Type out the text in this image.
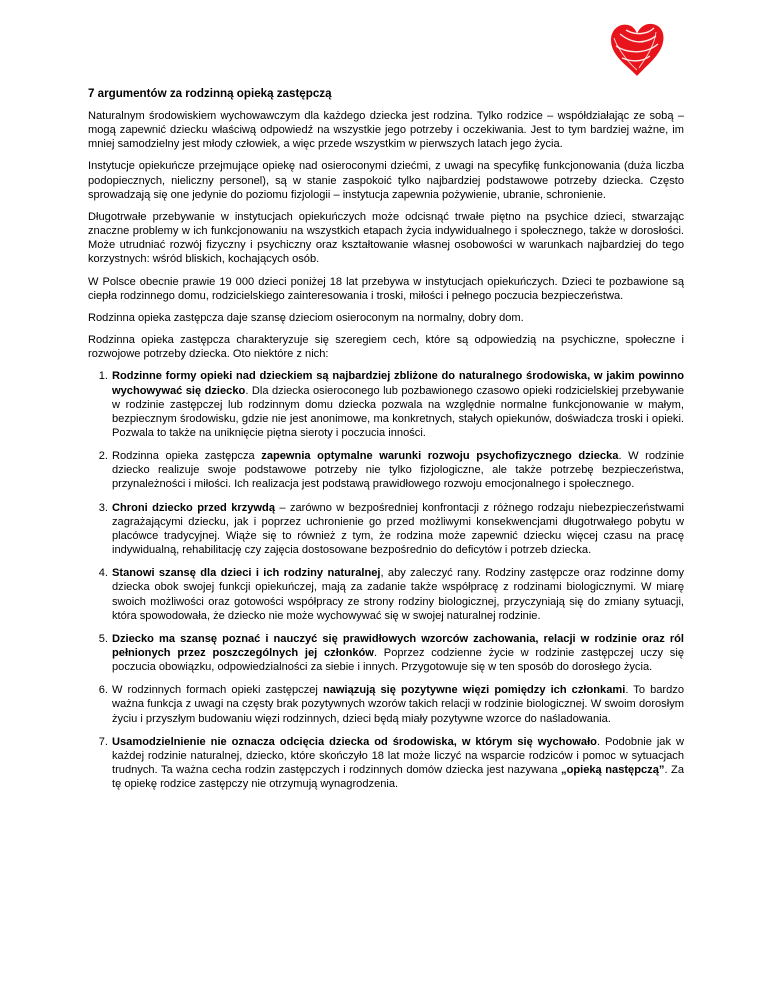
7 argumentów za rodzinną opieką zastępczą

Naturalnym środowiskiem wychowawczym dla każdego dziecka jest rodzina. Tylko rodzice – współdziałając ze sobą – mogą zapewnić dziecku właściwą odpowiedź na wszystkie jego potrzeby i oczekiwania. Jest to tym bardziej ważne, im mniej samodzielny jest młody człowiek, a więc przede wszystkim w pierwszych latach jego życia.

Instytucje opiekuńcze przejmujące opiekę nad osieroconymi dziećmi, z uwagi na specyfikę funkcjonowania (duża liczba podopiecznych, nieliczny personel), są w stanie zaspokoić tylko najbardziej podstawowe potrzeby dziecka. Często sprowadzają się one jedynie do poziomu fizjologii – instytucja zapewnia pożywienie, ubranie, schronienie.

Długotrwałe przebywanie w instytucjach opiekuńczych może odcisnąć trwałe piętno na psychice dzieci, stwarzając znaczne problemy w ich funkcjonowaniu na wszystkich etapach życia indywidualnego i społecznego, także w dorosłości. Może utrudniać rozwój fizyczny i psychiczny oraz kształtowanie własnej osobowości w warunkach najbardziej do tego korzystnych: wśród bliskich, kochających osób.

W Polsce obecnie prawie 19 000 dzieci poniżej 18 lat przebywa w instytucjach opiekuńczych. Dzieci te pozbawione są ciepła rodzinnego domu, rodzicielskiego zainteresowania i troski, miłości i pełnego poczucia bezpieczeństwa.

Rodzinna opieka zastępcza daje szansę dzieciom osieroconym na normalny, dobry dom.

Rodzinna opieka zastępcza charakteryzuje się szeregiem cech, które są odpowiedzią na psychiczne, społeczne i rozwojowe potrzeby dziecka. Oto niektóre z nich:

1. Rodzinne formy opieki nad dzieckiem są najbardziej zbliżone do naturalnego środowiska, w jakim powinno wychowywać się dziecko. Dla dziecka osieroconego lub pozbawionego czasowo opieki rodzicielskiej przebywanie w rodzinie zastępczej lub rodzinnym domu dziecka pozwala na względnie normalne funkcjonowanie w małym, bezpiecznym środowisku, gdzie nie jest anonimowe, ma konkretnych, stałych opiekunów, doświadcza troski i opieki. Pozwala to także na uniknięcie piętna sieroty i poczucia inności.
2. Rodzinna opieka zastępcza zapewnia optymalne warunki rozwoju psychofizycznego dziecka. W rodzinie dziecko realizuje swoje podstawowe potrzeby nie tylko fizjologiczne, ale także potrzebę bezpieczeństwa, przynależności i miłości. Ich realizacja jest podstawą prawidłowego rozwoju emocjonalnego i społecznego.
3. Chroni dziecko przed krzywdą – zarówno w bezpośredniej konfrontacji z różnego rodzaju niebezpieczeństwami zagrażającymi dziecku, jak i poprzez uchronienie go przed możliwymi konsekwencjami długotrwałego pobytu w placówce tradycyjnej. Wiąże się to również z tym, że rodzina może zapewnić dziecku więcej czasu na pracę indywidualną, rehabilitację czy zajęcia dostosowane bezpośrednio do deficytów i potrzeb dziecka.
4. Stanowi szansę dla dzieci i ich rodziny naturalnej, aby zaleczyć rany. Rodziny zastępcze oraz rodzinne domy dziecka obok swojej funkcji opiekuńczej, mają za zadanie także współpracę z rodzinami biologicznymi. W miarę swoich możliwości oraz gotowości współpracy ze strony rodziny biologicznej, przyczyniają się do zmiany sytuacji, która spowodowała, że dziecko nie może wychowywać się w swojej naturalnej rodzinie.
5. Dziecko ma szansę poznać i nauczyć się prawidłowych wzorców zachowania, relacji w rodzinie oraz ról pełnionych przez poszczególnych jej członków. Poprzez codzienne życie w rodzinie zastępczej uczy się poczucia obowiązku, odpowiedzialności za siebie i innych. Przygotowuje się w ten sposób do dorosłego życia.
6. W rodzinnych formach opieki zastępczej nawiązują się pozytywne więzi pomiędzy ich członkami. To bardzo ważna funkcja z uwagi na częsty brak pozytywnych wzorów takich relacji w rodzinie biologicznej. W swoim dorosłym życiu i przyszłym budowaniu więzi rodzinnych, dzieci będą miały pozytywne wzorce do naśladowania.
7. Usamodzielnienie nie oznacza odcięcia dziecka od środowiska, w którym się wychowało. Podobnie jak w każdej rodzinie naturalnej, dziecko, które skończyło 18 lat może liczyć na wsparcie rodziców i pomoc w sytuacjach trudnych. Ta ważna cecha rodzin zastępczych i rodzinnych domów dziecka jest nazywana „opieką następczą”. Za tę opiekę rodzice zastępczy nie otrzymują wynagrodzenia.
